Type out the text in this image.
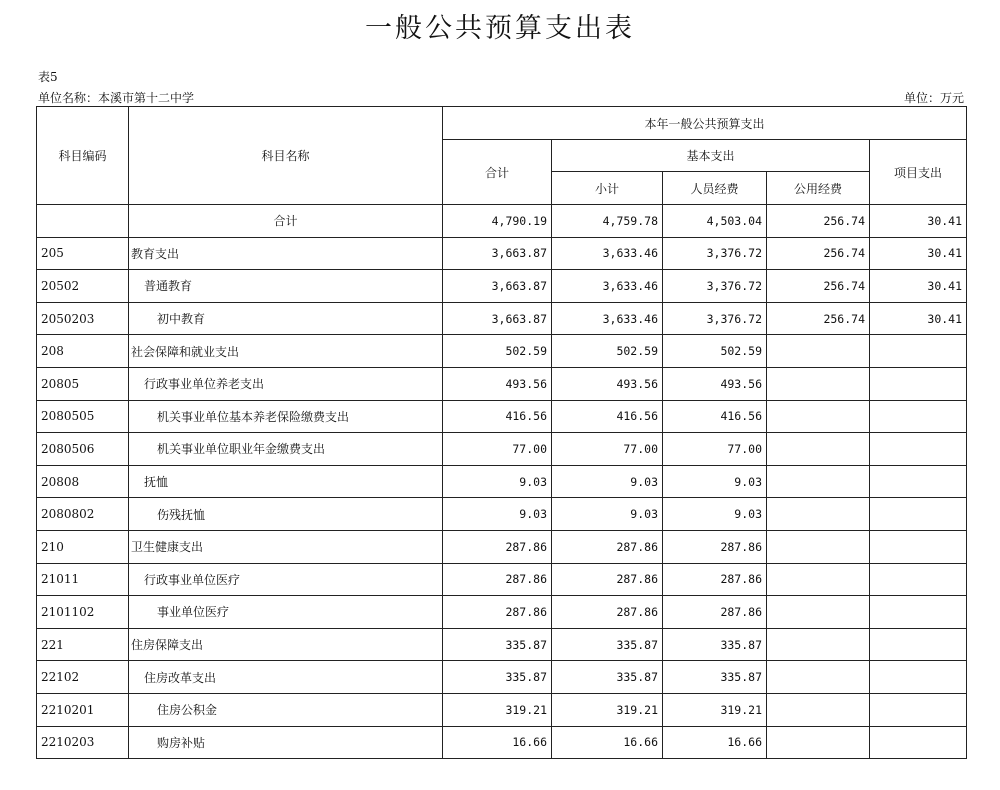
一般公共预算支出表
表5
单位名称：本溪市第十二中学	单位：万元
科目编码	科目名称	本年一般公共预算支出				
		合计	基本支出			项目支出
			小计	人员经费	公用经费	
	合计	4,790.19	4,759.78	4,503.04	256.74	30.41
205	教育支出	3,663.87	3,633.46	3,376.72	256.74	30.41
20502	普通教育	3,663.87	3,633.46	3,376.72	256.74	30.41
2050203	初中教育	3,663.87	3,633.46	3,376.72	256.74	30.41
208	社会保障和就业支出	502.59	502.59	502.59		
20805	行政事业单位养老支出	493.56	493.56	493.56		
2080505	机关事业单位基本养老保险缴费支出	416.56	416.56	416.56		
2080506	机关事业单位职业年金缴费支出	77.00	77.00	77.00		
20808	抚恤	9.03	9.03	9.03		
2080802	伤残抚恤	9.03	9.03	9.03		
210	卫生健康支出	287.86	287.86	287.86		
21011	行政事业单位医疗	287.86	287.86	287.86		
2101102	事业单位医疗	287.86	287.86	287.86		
221	住房保障支出	335.87	335.87	335.87		
22102	住房改革支出	335.87	335.87	335.87		
2210201	住房公积金	319.21	319.21	319.21		
2210203	购房补贴	16.66	16.66	16.66		
